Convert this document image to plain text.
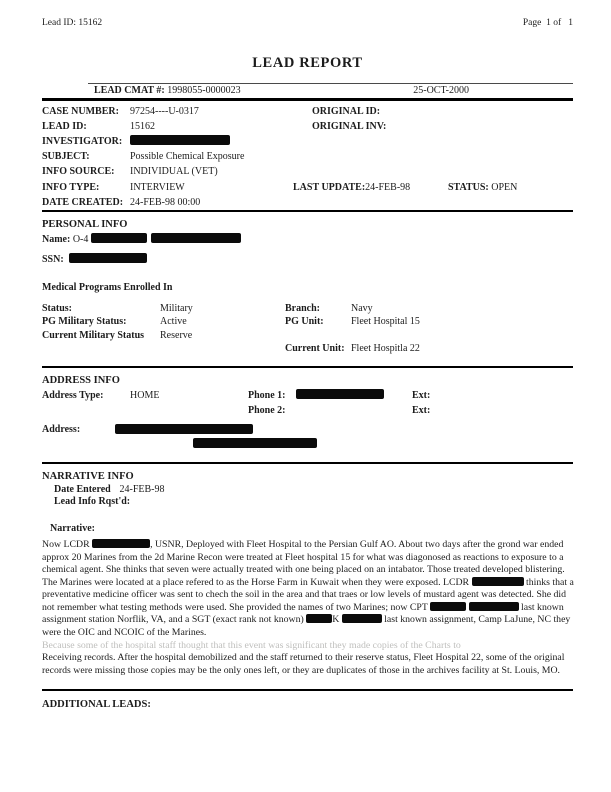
Lead ID: 15162	Page  1 of   1
LEAD REPORT
LEAD CMAT #:
1998055-0000023	25-OCT-2000
CASE NUMBER:	97254----U-0317	ORIGINAL ID:
LEAD ID:	15162	ORIGINAL INV:
INVESTIGATOR:
SUBJECT:	Possible Chemical Exposure
INFO SOURCE:	INDIVIDUAL (VET)
INFO TYPE:	INTERVIEW	LAST UPDATE:24-FEB-98	STATUS: OPEN
DATE CREATED: 24-FEB-98 00:00
PERSONAL INFO
Name: O-4
SSN:
Medical Programs Enrolled In
Status:	Military	Branch:	Navy
PG Military Status:	Active	PG Unit:	Fleet Hospital 15
Current Military Status	Reserve
Current Unit: Fleet Hospitla 22
ADDRESS INFO
Address Type:	HOME	Phone 1:	Ext:
Phone 2:	Ext:
Address:

NARRATIVE INFO
Date Entered 24-FEB-98
Lead Info Rqst'd:
Narrative:
Now LCDR	, USNR, Deployed with Fleet Hospital to the Persian Gulf AO. About two days after the grond war ended approx 20 Marines from the 2d Marine Recon were treated at Fleet hospital 15 for what was diagonosed as reactions to exposure to a chemical agent. She thinks that seven were actually treated with one being placed on an intabator. Those treated developed blistering. The Marines were located at a place refered to as the Horse Farm in Kuwait when they were exposed. LCDR	thinks that a preventative medicine officer was sent to chech the soil in the area and that traes or low levels of mustard agent was detected. She did not remember what testing methods were used. She provided the names of two Marines; now CPT	last known assignment station Norflik, VA, and a SGT (exact rank not known)	K	last known assignment, Camp LaJune, NC they were the OIC and NCOIC of the Marines.
Because some of the hospital staff thought that this event was significant they made copies of the Charts to
Receiving records. After the hospital demobilized and the staff returned to their reserve status, Fleet Hospital 22, some of the original records were missing those copies may be the only ones left, or they are duplicates of those in the archives facility at St. Louis, MO.
ADDITIONAL LEADS:
